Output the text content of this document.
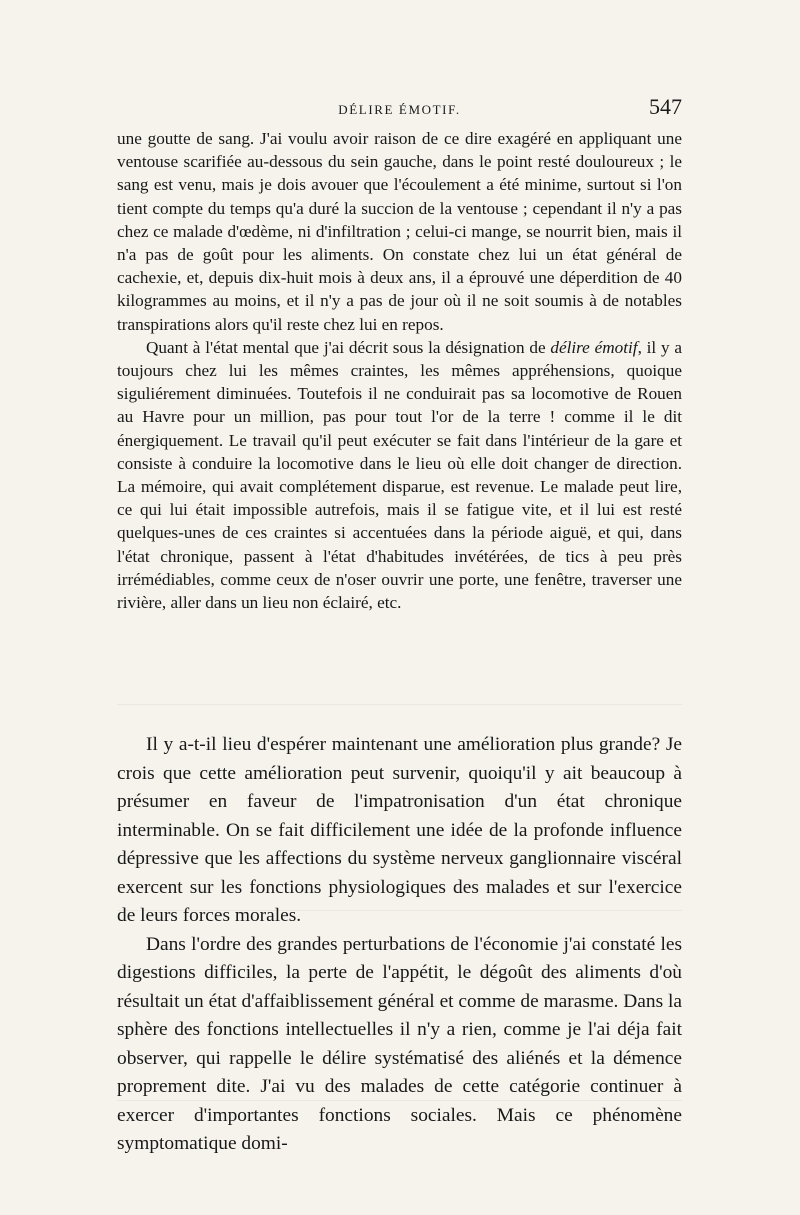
DÉLIRE ÉMOTIF.	547

une goutte de sang. J'ai voulu avoir raison de ce dire exagéré en appliquant une ventouse scarifiée au-dessous du sein gauche, dans le point resté douloureux ; le sang est venu, mais je dois avouer que l'écoulement a été minime, surtout si l'on tient compte du temps qu'a duré la succion de la ventouse ; cependant il n'y a pas chez ce malade d'œdème, ni d'infiltration ; celui-ci mange, se nourrit bien, mais il n'a pas de goût pour les aliments. On constate chez lui un état général de cachexie, et, depuis dix-huit mois à deux ans, il a éprouvé une déperdition de 40 kilogrammes au moins, et il n'y a pas de jour où il ne soit soumis à de notables transpirations alors qu'il reste chez lui en repos.

Quant à l'état mental que j'ai décrit sous la désignation de délire émotif, il y a toujours chez lui les mêmes craintes, les mêmes appréhensions, quoique siguliérement diminuées. Toutefois il ne conduirait pas sa locomotive de Rouen au Havre pour un million, pas pour tout l'or de la terre ! comme il le dit énergiquement. Le travail qu'il peut exécuter se fait dans l'intérieur de la gare et consiste à conduire la locomotive dans le lieu où elle doit changer de direction. La mémoire, qui avait complétement disparue, est revenue. Le malade peut lire, ce qui lui était impossible autrefois, mais il se fatigue vite, et il lui est resté quelques-unes de ces craintes si accentuées dans la période aiguë, et qui, dans l'état chronique, passent à l'état d'habitudes invétérées, de tics à peu près irrémédiables, comme ceux de n'oser ouvrir une porte, une fenêtre, traverser une rivière, aller dans un lieu non éclairé, etc.

Il y a-t-il lieu d'espérer maintenant une amélioration plus grande? Je crois que cette amélioration peut survenir, quoiqu'il y ait beaucoup à présumer en faveur de l'impatronisation d'un état chronique interminable. On se fait difficilement une idée de la profonde influence dépressive que les affections du système nerveux ganglionnaire viscéral exercent sur les fonctions physiologiques des malades et sur l'exercice de leurs forces morales.

Dans l'ordre des grandes perturbations de l'économie j'ai constaté les digestions difficiles, la perte de l'appétit, le dégoût des aliments d'où résultait un état d'affaiblissement général et comme de marasme. Dans la sphère des fonctions intellectuelles il n'y a rien, comme je l'ai déja fait observer, qui rappelle le délire systématisé des aliénés et la démence proprement dite. J'ai vu des malades de cette catégorie continuer à exercer d'importantes fonctions sociales. Mais ce phénomène symptomatique domi-
